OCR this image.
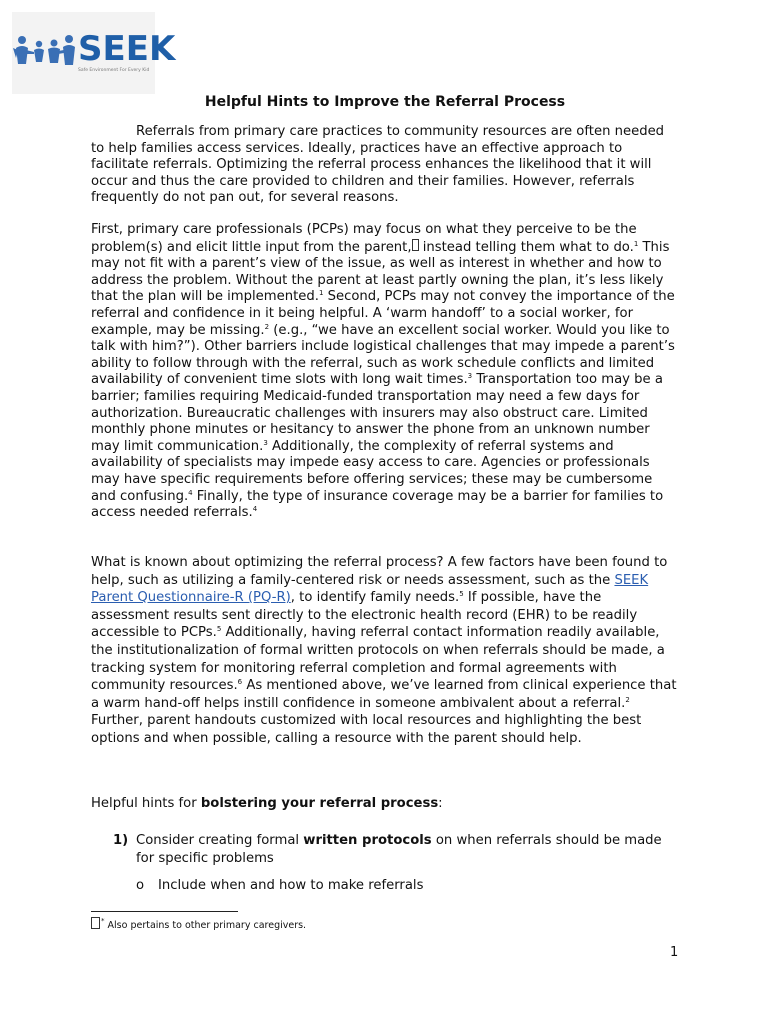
SEEK
Safe Environment For Every Kid
Helpful Hints to Improve the Referral Process

Referrals from primary care practices to community resources are often needed to help families access services. Ideally, practices have an effective approach to facilitate referrals. Optimizing the referral process enhances the likelihood that it will occur and thus the care provided to children and their families. However, referrals frequently do not pan out, for several reasons.

First, primary care professionals (PCPs) may focus on what they perceive to be the problem(s) and elicit little input from the parent, instead telling them what to do.$^1$ This may not fit with a parent’s view of the issue, as well as interest in whether and how to address the problem. Without the parent at least partly owning the plan, it’s less likely that the plan will be implemented.$^1$ Second, PCPs may not convey the importance of the referral and confidence in it being helpful. A ‘warm handoff’ to a social worker, for example, may be missing.$^2$ (e.g., “we have an excellent social worker. Would you like to talk with him?”). Other barriers include logistical challenges that may impede a parent’s ability to follow through with the referral, such as work schedule conflicts and limited availability of convenient time slots with long wait times.$^3$ Transportation too may be a barrier; families requiring Medicaid-funded transportation may need a few days for authorization. Bureaucratic challenges with insurers may also obstruct care. Limited monthly phone minutes or hesitancy to answer the phone from an unknown number may limit communication.$^3$ Additionally, the complexity of referral systems and availability of specialists may impede easy access to care. Agencies or professionals may have specific requirements before offering services; these may be cumbersome and confusing.$^4$ Finally, the type of insurance coverage may be a barrier for families to access needed referrals.$^4$

What is known about optimizing the referral process? A few factors have been found to help, such as utilizing a family-centered risk or needs assessment, such as the SEEK Parent Questionnaire-R (PQ-R), to identify family needs.$^5$ If possible, have the assessment results sent directly to the electronic health record (EHR) to be readily accessible to PCPs.$^5$ Additionally, having referral contact information readily available, the institutionalization of formal written protocols on when referrals should be made, a tracking system for monitoring referral completion and formal agreements with community resources.$^6$ As mentioned above, we’ve learned from clinical experience that a warm hand-off helps instill confidence in someone ambivalent about a referral.$^2$ Further, parent handouts customized with local resources and highlighting the best options and when possible, calling a resource with the parent should help.

Helpful hints for bolstering your referral process:
1) Consider creating formal written protocols on when referrals should be made for specific problems
o Include when and how to make referrals
* Also pertains to other primary caregivers.
1
